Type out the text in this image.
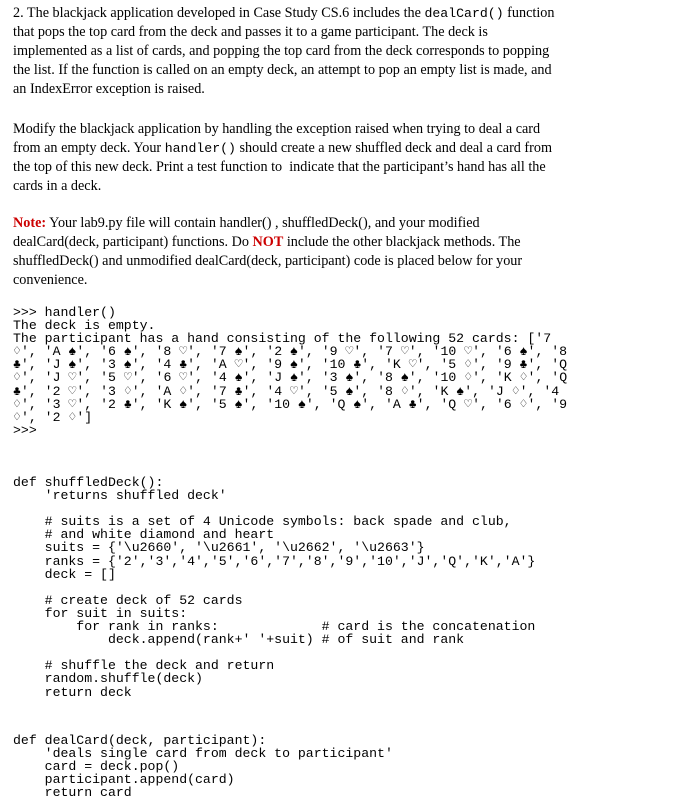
2. The blackjack application developed in Case Study CS.6 includes the dealCard() function
that pops the top card from the deck and passes it to a game participant. The deck is
implemented as a list of cards, and popping the top card from the deck corresponds to popping
the list. If the function is called on an empty deck, an attempt to pop an empty list is made, and
an IndexError exception is raised.

Modify the blackjack application by handling the exception raised when trying to deal a card
from an empty deck. Your handler() should create a new shuffled deck and deal a card from
the top of this new deck. Print a test function to  indicate that the participant’s hand has all the
cards in a deck.

Note: Your lab9.py file will contain handler() , shuffledDeck(), and your modified
dealCard(deck, participant) functions. Do NOT include the other blackjack methods. The
shuffledDeck() and unmodified dealCard(deck, participant) code is placed below for your
convenience.

>>> handler()
The deck is empty.
The participant has a hand consisting of the following 52 cards: ['7
♢', 'A ♠', '6 ♠', '8 ♡', '7 ♠', '2 ♠', '9 ♡', '7 ♡', '10 ♡', '6 ♠', '8
♣', 'J ♠', '3 ♠', '4 ♣', 'A ♡', '9 ♠', '10 ♣', 'K ♡', '5 ♢', '9 ♣', 'Q
♢', 'J ♡', '5 ♡', '6 ♡', '4 ♠', 'J ♠', '3 ♠', '8 ♠', '10 ♢', 'K ♢', 'Q
♣', '2 ♡', '3 ♢', 'A ♢', '7 ♣', '4 ♡', '5 ♠', '8 ♢', 'K ♠', 'J ♢', '4
♢', '3 ♡', '2 ♣', 'K ♠', '5 ♠', '10 ♠', 'Q ♠', 'A ♣', 'Q ♡', '6 ♢', '9
♢', '2 ♢']
>>>
def shuffledDeck():
'returns shuffled deck'

# suits is a set of 4 Unicode symbols: back spade and club,
# and white diamond and heart
suits = {'\u2660', '\u2661', '\u2662', '\u2663'}
ranks = {'2','3','4','5','6','7','8','9','10','J','Q','K','A'}
deck = []

# create deck of 52 cards
for suit in suits:
for rank in ranks:             # card is the concatenation
deck.append(rank+' '+suit) # of suit and rank

# shuffle the deck and return
random.shuffle(deck)
return deck
def dealCard(deck, participant):
'deals single card from deck to participant'
card = deck.pop()
participant.append(card)
return card
